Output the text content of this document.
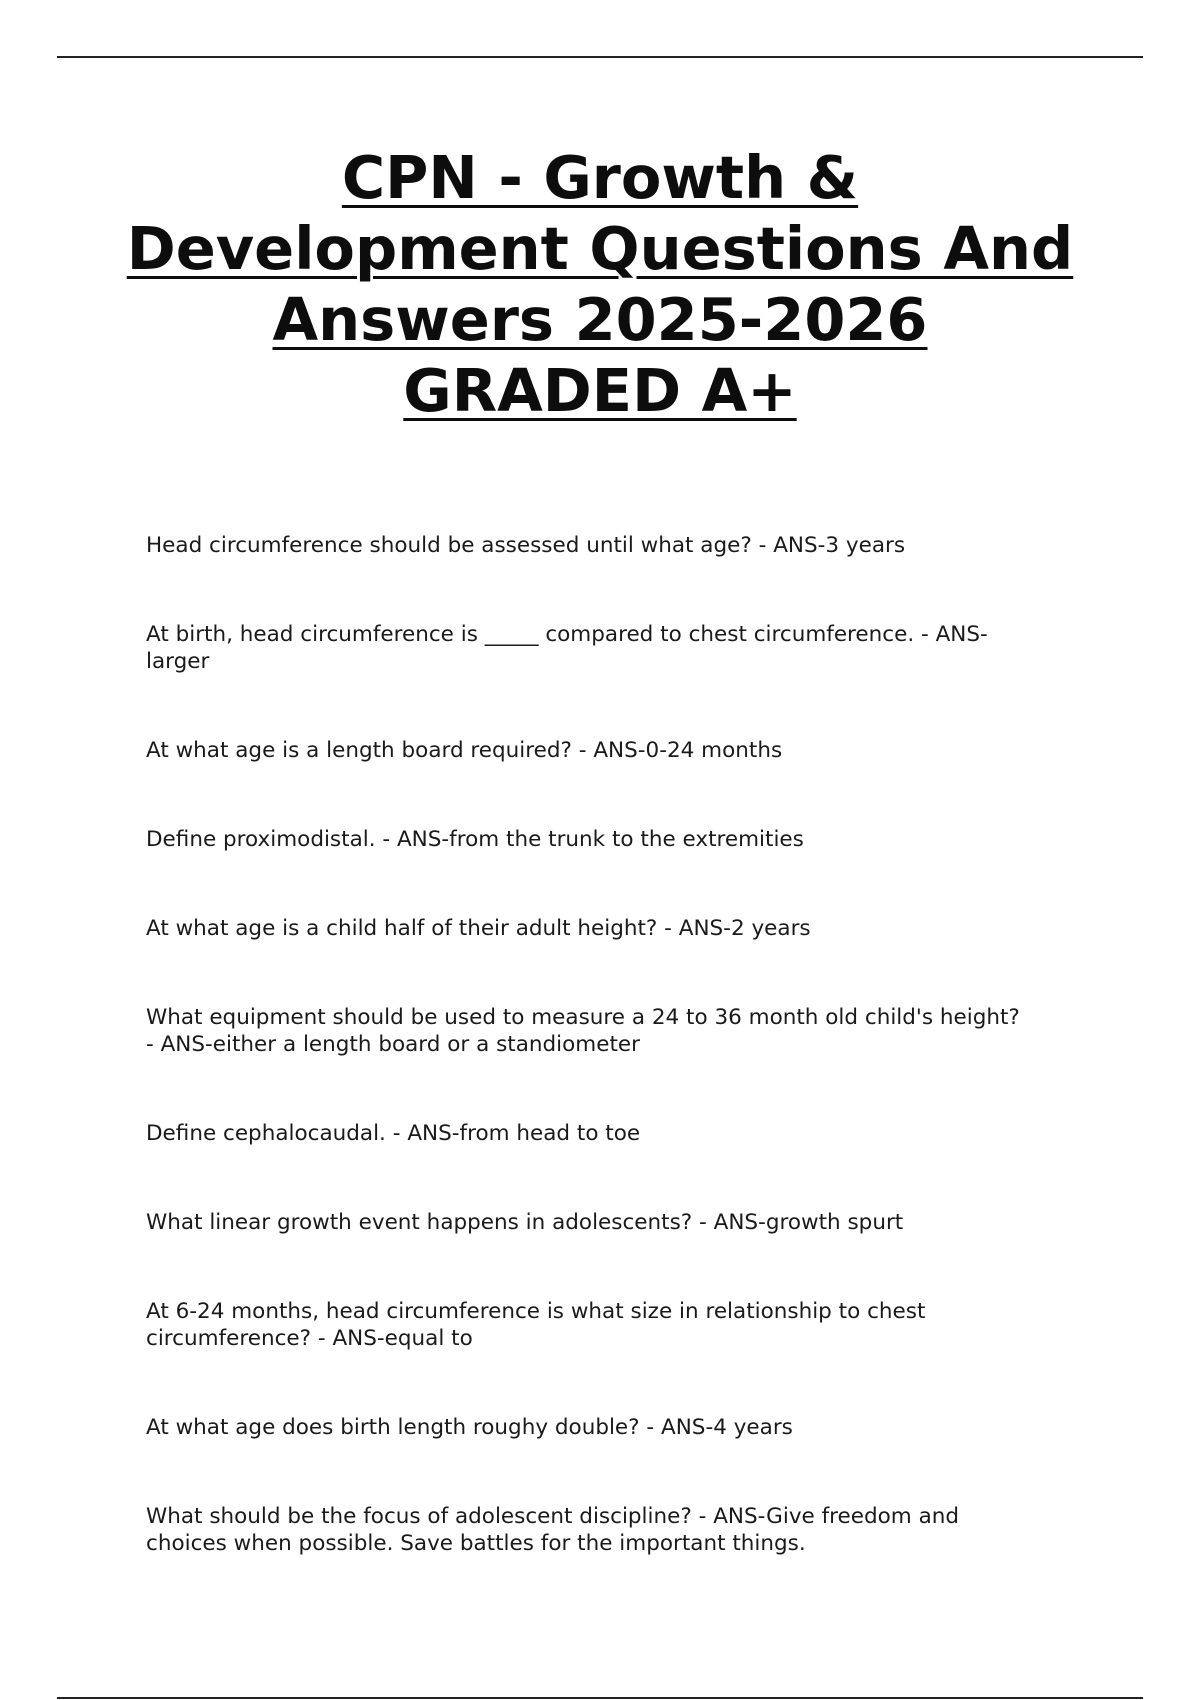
CPN - Growth &
Development Questions And
Answers 2025-2026
GRADED A+
Head circumference should be assessed until what age? - ANS-3 years
At birth, head circumference is _____ compared to chest circumference. - ANS-
larger
At what age is a length board required? - ANS-0-24 months
Define proximodistal. - ANS-from the trunk to the extremities
At what age is a child half of their adult height? - ANS-2 years
What equipment should be used to measure a 24 to 36 month old child's height?
- ANS-either a length board or a standiometer
Define cephalocaudal. - ANS-from head to toe
What linear growth event happens in adolescents? - ANS-growth spurt
At 6-24 months, head circumference is what size in relationship to chest
circumference? - ANS-equal to
At what age does birth length roughy double? - ANS-4 years
What should be the focus of adolescent discipline? - ANS-Give freedom and
choices when possible. Save battles for the important things.
